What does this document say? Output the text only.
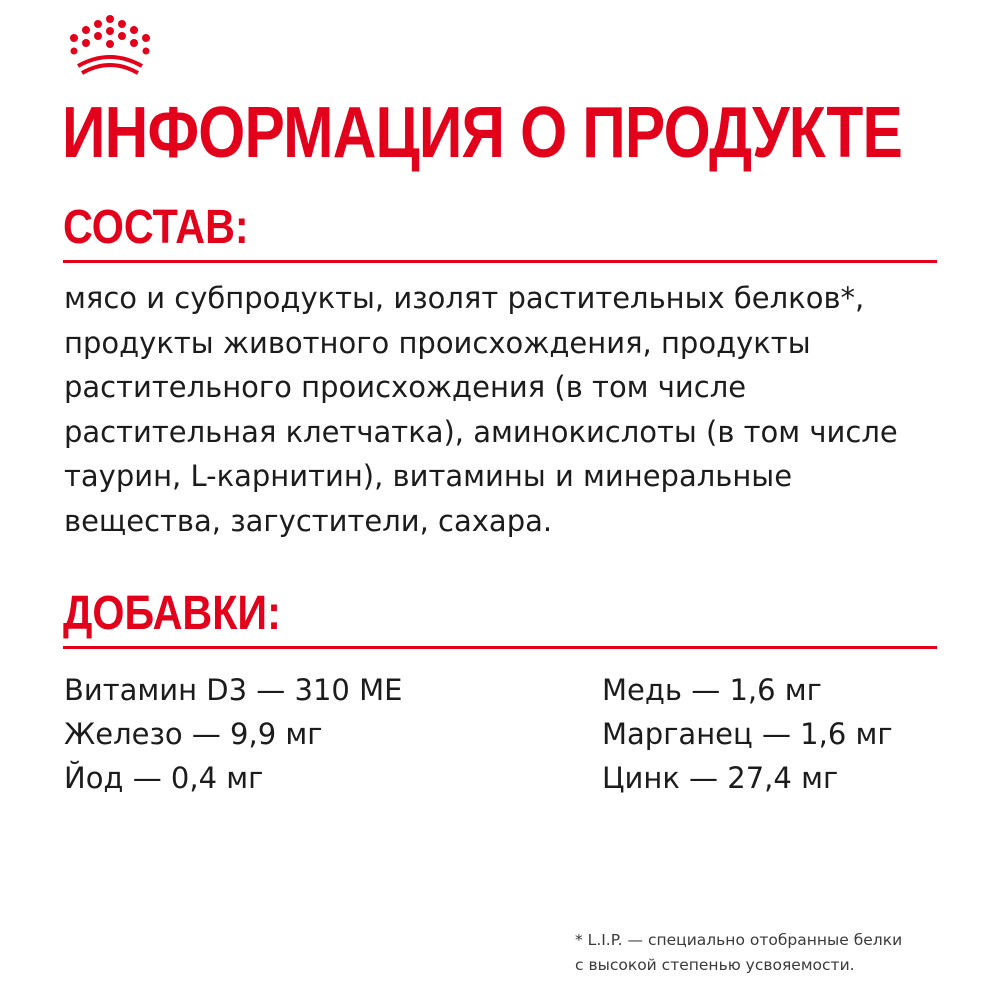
ИНФОРМАЦИЯ О ПРОДУКТЕ
СОСТАВ:

мясо и субпродукты, изолят растительных белков*, продукты животного происхождения, продукты растительного происхождения (в том числе растительная клетчатка), аминокислоты (в том числе таурин, L-карнитин), витамины и минеральные вещества, загустители, сахара.

ДОБАВКИ:
Витамин D3 — 310 МЕ
Железо — 9,9 мг
Йод — 0,4 мг
Медь — 1,6 мг
Марганец — 1,6 мг
Цинк — 27,4 мг

* L.I.P. — специально отобранные белки
с высокой степенью усвояемости.
